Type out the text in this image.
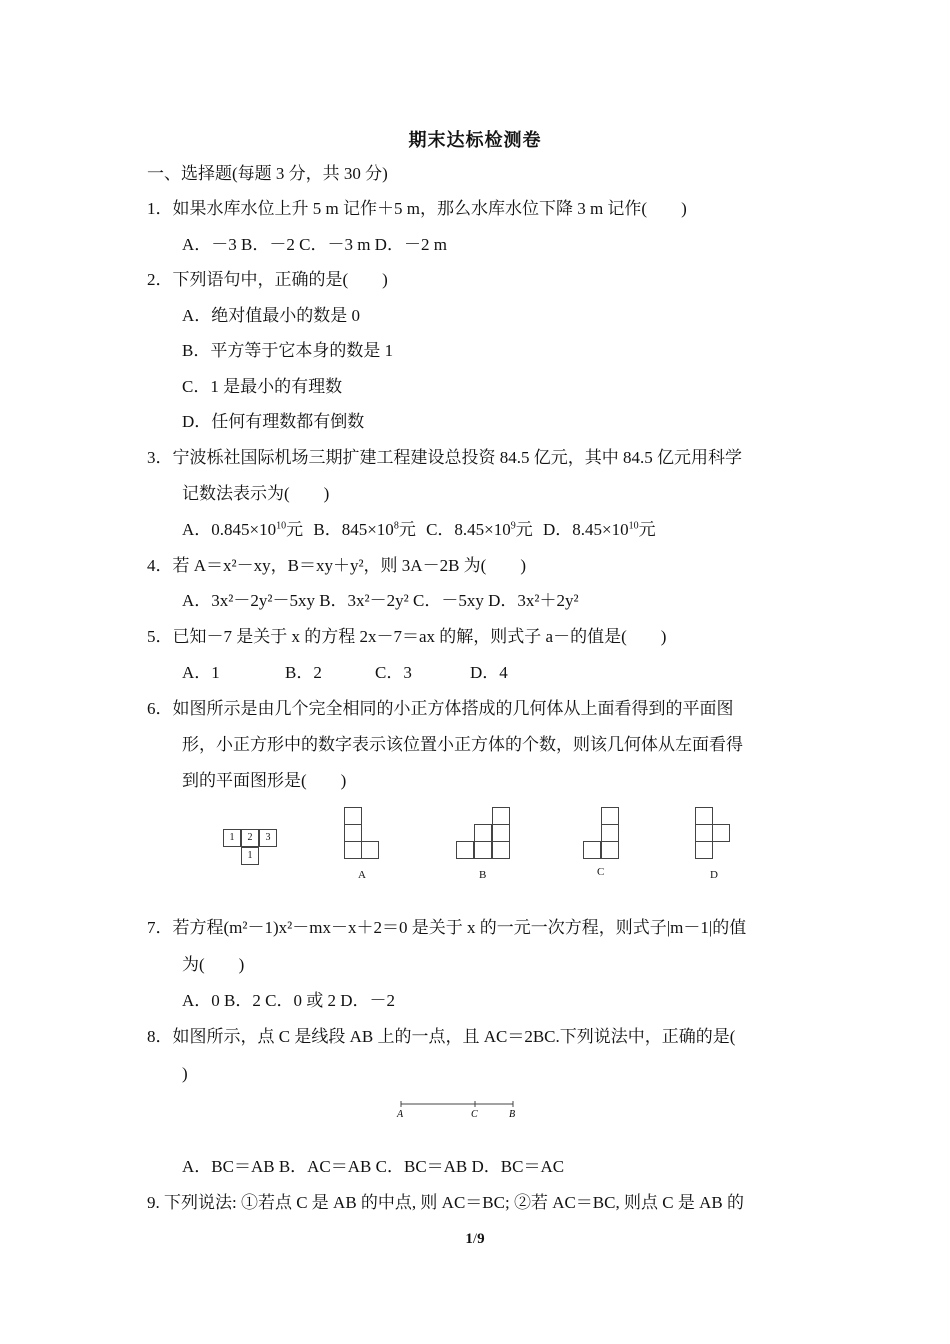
期末达标检测卷
一、选择题(每题 3 分，共 30 分)
1．如果水库水位上升 5 m 记作＋5 m，那么水库水位下降 3 m 记作(　　)
A．－3 B．－2 C．－3 m D．－2 m
2．下列语句中，正确的是(　　)
A．绝对值最小的数是 0
B．平方等于它本身的数是 1
C．1 是最小的有理数
D．任何有理数都有倒数
3．宁波栎社国际机场三期扩建工程建设总投资 84.5 亿元，其中 84.5 亿元用科学
记数法表示为(　　)
A．$0.845\times 10^{10}$元 B．$845\times 10^8$元 C．$8.45\times 10^9$元 D．$8.45\times 10^{10}$元
4．若 A＝x²－xy，B＝xy＋y²，则 3A－2B 为(　　)
A．3x²－2y²－5xy B．3x²－2y² C．－5xy D．3x²＋2y²
5．已知－7 是关于 x 的方程 2x－7＝ax 的解，则式子 a－的值是(　　)
A．1	B．2	C．3	D．4
6．如图所示是由几个完全相同的小正方体搭成的几何体从上面看得到的平面图
形，小正方形中的数字表示该位置小正方体的个数，则该几何体从左面看得
到的平面图形是(　　)
1	2	3
1
A	B	C	D
7．若方程(m²－1)x²－mx－x＋2＝0 是关于 x 的一元一次方程，则式子|m－1|的值
为(　　)
A．0 B．2 C．0 或 2 D．－2
8．如图所示，点 C 是线段 AB 上的一点，且 AC＝2BC.下列说法中，正确的是(
)
A	C	B
A．BC＝AB B．AC＝AB C．BC＝AB D．BC＝AC
9. 下列说法: ①若点 C 是 AB 的中点, 则 AC＝BC; ②若 AC＝BC, 则点 C 是 AB 的
1/9
